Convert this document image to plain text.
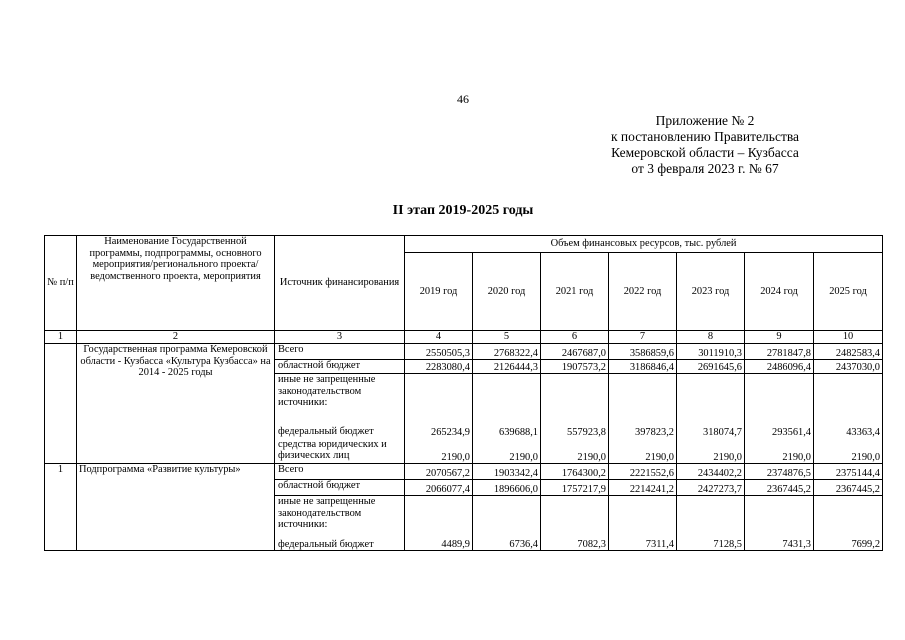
46
Приложение № 2
к постановлению Правительства
Кемеровской области – Кузбасса
от 3 февраля 2023 г. № 67
II этап 2019-2025 годы
№ п/п	Наименование Государственной программы, подпрограммы, основного мероприятия/регионального проекта/ ведомственного проекта, мероприятия	Источник финансирования	Объем финансовых ресурсов, тыс. рублей						
			2019 год	2020 год	2021 год	2022 год	2023 год	2024 год	2025 год
1	2	3	4	5	6	7	8	9	10
	Государственная программа Кемеровской области - Кузбасса «Культура Кузбасса» на 2014 - 2025 годы	Всего	2550505,3	2768322,4	2467687,0	3586859,6	3011910,3	2781847,8	2482583,4
		областной бюджет	2283080,4	2126444,3	1907573,2	3186846,4	2691645,6	2486096,4	2437030,0
		иные не запрещенные законодательством источники:							
		федеральный бюджет	265234,9	639688,1	557923,8	397823,2	318074,7	293561,4	43363,4
		средства юридических и физических лиц	2190,0	2190,0	2190,0	2190,0	2190,0	2190,0	2190,0
1	Подпрограмма «Развитие культуры»	Всего	2070567,2	1903342,4	1764300,2	2221552,6	2434402,2	2374876,5	2375144,4
		областной бюджет	2066077,4	1896606,0	1757217,9	2214241,2	2427273,7	2367445,2	2367445,2
		иные не запрещенные законодательством источники:							
		федеральный бюджет	4489,9	6736,4	7082,3	7311,4	7128,5	7431,3	7699,2
